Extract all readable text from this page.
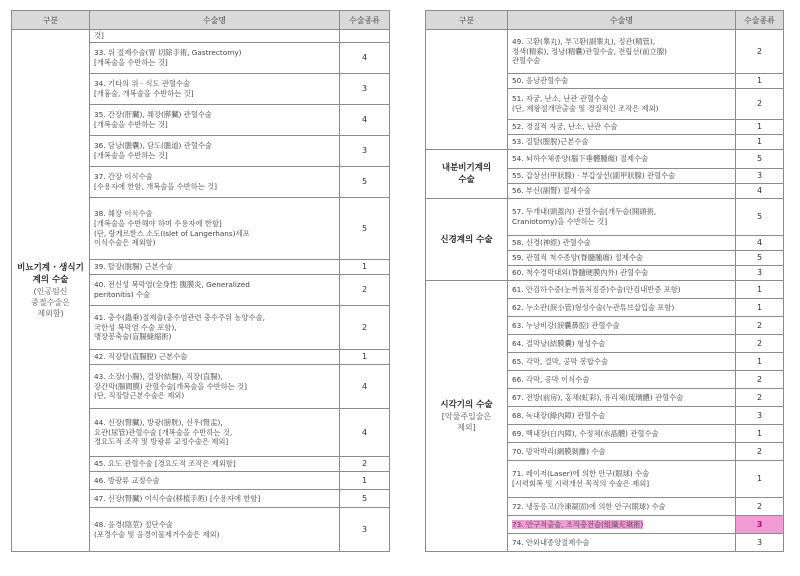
구분	수술명	수술종류

비뇨기계 · 생식기
계의 수술
(인공임신
중절수술은
제외함)	것]	

	33. 위 절제수술(胃 切除手術, Gastrectomy)
[개복술을 수반하는 것]	4

	34. 기타의 위 · 식도 관혈수술
[개흉술, 개복술을 수반하는 것]	3

	35. 간장(肝臟), 췌장(膵臟) 관혈수술
[개복술을 수반하는 것]	4

	36. 담낭(膽囊), 담도(膽道) 관혈수술
[개복술을 수반하는 것]	3

	37. 간장 이식수술
[수용자에 한함, 개복술을 수반하는 것]	5

	38. 췌장 이식수술
[개복술을 수반해야 하며 수용자에 한함]
(단, 랑게르한스 소도(Islet of Langerhans)세포
이식수술은 제외함)	5

	39. 탈장(脫腸) 근본수술	1

	40. 전신성 복막염(全身性 腹膜炎, Generalized
peritonitis) 수술	2

	41. 충수(蟲垂)절제술(충수염관련 충수주위 농양수술,
국한성 복막염 수술 포함),
맹장봉축술(盲腸縫縮術)	2

	42. 직장탈(直腸脫) 근본수술	1

	43. 소장(小腸), 결장(結腸), 직장(直腸),
장간막(腸間膜) 관혈수술[개복술을 수반하는 것]
(단, 직장탈근본수술은 제외)	4

	44. 신장(腎臟), 방광(膀胱), 신우(腎盂),
요관(尿管)관혈수술 [개복술을 수반하는 것,
경요도적 조작 및 방광류 교정수술은 제외]	4

	45. 요도 관혈수술 [경요도적 조작은 제외함]	2

	46. 방광류 교정수술	1

	47. 신장(腎臟) 이식수술(移植手術) [수용자에 한함]	5

	48. 음경(陰莖) 절단수술
(포경수술 및 음경이물제거수술은 제외)	3
구분	수술명	수술종류

	49. 고환(睾丸), 부고환(副睾丸), 정관(精管),
정색(精索), 정낭(精囊)관혈수술, 전립선(前立腺)
관혈수술	2

	50. 음낭관혈수술	1

	51. 자궁, 난소, 난관 관혈수술
(단, 제왕절개만출술 및 경질적인 조작은 제외)	2

	52. 경질적 자궁, 난소, 난관 수술	1

	53. 질탈(膣脫)근본수술	1

내분비기계의
수술	54. 뇌하수체종양(腦下垂體腫瘍) 절제수술	5

	55. 갑상선(甲狀腺) · 부갑상선(副甲狀腺) 관혈수술	3

	56. 부신(副腎) 절제수술	4

신경계의 수술	57. 두개내(頭蓋內) 관혈수술[개두술(開頭術,
Craniotomy)을 수반하는 것]	5

	58. 신경(神經) 관혈수술	4

	59. 관혈적 척수종양(脊髓腫瘍) 절제수술	5

	60. 척수경막내외(脊髓硬膜內外) 관혈수술	3

시각기의 수술
[악물주입술은
제외]	61. 안검하수증(눈꺼풀처짐증)수술(안검내반증 포함)	1

	62. 누소관(淚小管)형성수술(누관튜브삽입술 포함)	1

	63. 누낭비강(淚囊鼻腔) 관혈수술	2

	64. 결막낭(結膜囊) 형성수술	2

	65. 각막, 결막, 공막 봉합수술	1

	66. 각막, 공막 이식수술	2

	67. 전방(前房), 홍채(虹彩), 유리체(琉璃體) 관혈수술	2

	68. 녹내장(綠內障) 관혈수술	3

	69. 백내장(白內障), 수정체(水晶體) 관혈수술	1

	70. 망막박리(網膜剝離) 수술	2

	71. 레이저(Laser)에 의한 안구(眼球) 수술
[시력회복 및 시력개선 목적의 수술은 제외]	1

	72. 냉동응고(冷凍凝固)에 의한 안구(眼球) 수술	2
	73. 안구적출술, 조직충전술(組織充塡術)	3

	74. 안와내종양절제수술	3
